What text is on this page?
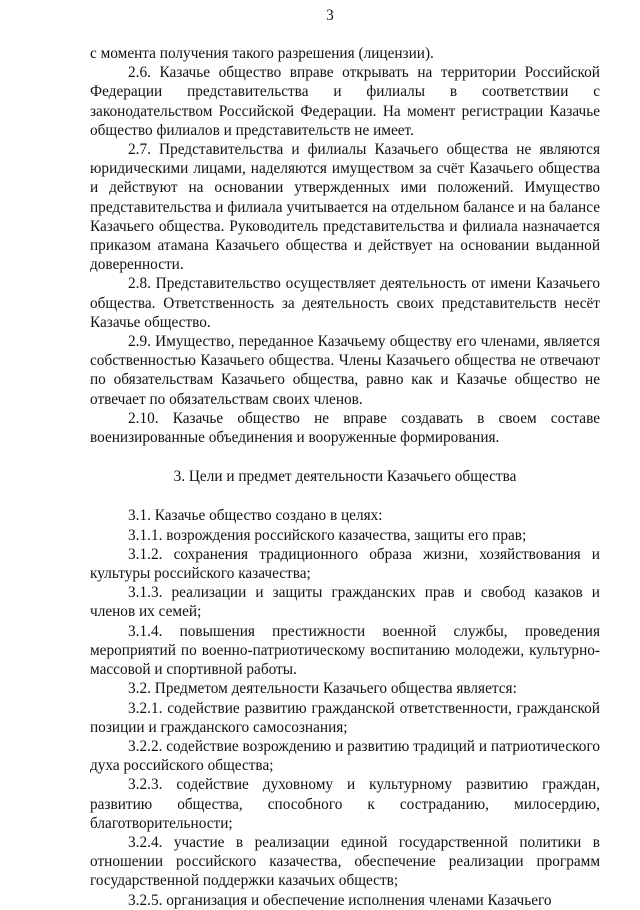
3

с момента получения такого разрешения (лицензии).

2.6. Казачье общество вправе открывать на территории Российской Федерации представительства и филиалы в соответствии с законодательством Российской Федерации. На момент регистрации Казачье общество филиалов и представительств не имеет.

2.7. Представительства и филиалы Казачьего общества не являются юридическими лицами, наделяются имуществом за счёт Казачьего общества и действуют на основании утвержденных ими положений. Имущество представительства и филиала учитывается на отдельном балансе и на балансе Казачьего общества. Руководитель представительства и филиала назначается приказом атамана Казачьего общества и действует на основании выданной доверенности.

2.8. Представительство осуществляет деятельность от имени Казачьего общества. Ответственность за деятельность своих представительств несёт Казачье общество.

2.9. Имущество, переданное Казачьему обществу его членами, является собственностью Казачьего общества. Члены Казачьего общества не отвечают по обязательствам Казачьего общества, равно как и Казачье общество не отвечает по обязательствам своих членов.

2.10. Казачье общество не вправе создавать в своем составе военизированные объединения и вооруженные формирования.

3. Цели и предмет деятельности Казачьего общества

3.1. Казачье общество создано в целях:

3.1.1. возрождения российского казачества, защиты его прав;

3.1.2. сохранения традиционного образа жизни, хозяйствования и культуры российского казачества;

3.1.3. реализации и защиты гражданских прав и свобод казаков и членов их семей;

3.1.4. повышения престижности военной службы, проведения мероприятий по военно-патриотическому воспитанию молодежи, культурно-массовой и спортивной работы.

3.2. Предметом деятельности Казачьего общества является:

3.2.1. содействие развитию гражданской ответственности, гражданской позиции и гражданского самосознания;

3.2.2. содействие возрождению и развитию традиций и патриотического духа российского общества;

3.2.3. содействие духовному и культурному развитию граждан, развитию общества, способного к состраданию, милосердию, благотворительности;

3.2.4. участие в реализации единой государственной политики в отношении российского казачества, обеспечение реализации программ государственной поддержки казачьих обществ;

3.2.5. организация и обеспечение исполнения членами Казачьего
